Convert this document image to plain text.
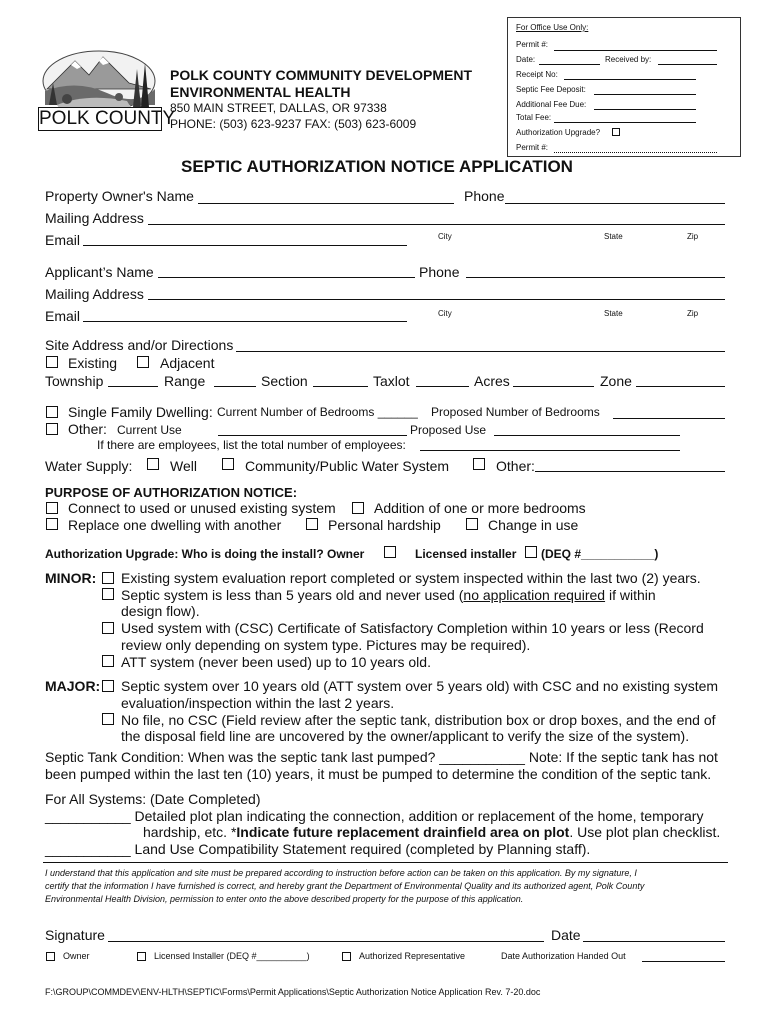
For Office Use Only:
Permit #:
Date:	Received by:
Receipt No:
Septic Fee Deposit:
Additional Fee Due:
Total Fee:
Authorization Upgrade?
Permit #:
POLK COUNTY
POLK COUNTY COMMUNITY DEVELOPMENT
ENVIRONMENTAL HEALTH
850 MAIN STREET, DALLAS, OR 97338
PHONE: (503) 623-9237 FAX: (503) 623-6009
SEPTIC AUTHORIZATION NOTICE APPLICATION
Property Owner's Name	Phone
Mailing Address
Email	City	State	Zip
Applicant’s Name	Phone
Mailing Address
Email	City	State	Zip
Site Address and/or Directions
Existing	Adjacent
Township	Range	Section	Taxlot	Acres	Zone
Single Family Dwelling: Current Number of Bedrooms ______ Proposed Number of Bedrooms
Other: Current Use	Proposed Use
If there are employees, list the total number of employees:
Water Supply:	Well	Community/Public Water System	Other:
PURPOSE OF AUTHORIZATION NOTICE:
Connect to used or unused existing system	Addition of one or more bedrooms
Replace one dwelling with another	Personal hardship	Change in use
Authorization Upgrade: Who is doing the install? Owner	Licensed installer (DEQ #___________)
MINOR: Existing system evaluation report completed or system inspected within the last two (2) years.
Septic system is less than 5 years old and never used (no application required if within
design flow).
Used system with (CSC) Certificate of Satisfactory Completion within 10 years or less (Record
review only depending on system type. Pictures may be required).
ATT system (never been used) up to 10 years old.
MAJOR: Septic system over 10 years old (ATT system over 5 years old) with CSC and no existing system
evaluation/inspection within the last 2 years.
No file, no CSC (Field review after the septic tank, distribution box or drop boxes, and the end of
the disposal field line are uncovered by the owner/applicant to verify the size of the system).
Septic Tank Condition: When was the septic tank last pumped? ___________ Note: If the septic tank has not
been pumped within the last ten (10) years, it must be pumped to determine the condition of the septic tank.
For All Systems: (Date Completed)
___________ Detailed plot plan indicating the connection, addition or replacement of the home, temporary
hardship, etc. *Indicate future replacement drainfield area on plot. Use plot plan checklist.
___________ Land Use Compatibility Statement required (completed by Planning staff).
I understand that this application and site must be prepared according to instruction before action can be taken on this application. By my signature, I
certify that the information I have furnished is correct, and hereby grant the Department of Environmental Quality and its authorized agent, Polk County
Environmental Health Division, permission to enter onto the above described property for the purpose of this application.
Signature	Date
Owner	Licensed Installer (DEQ #__________)	Authorized Representative	Date Authorization Handed Out
F:\GROUP\COMMDEV\ENV-HLTH\SEPTIC\Forms\Permit Applications\Septic Authorization Notice Application Rev. 7-20.doc
